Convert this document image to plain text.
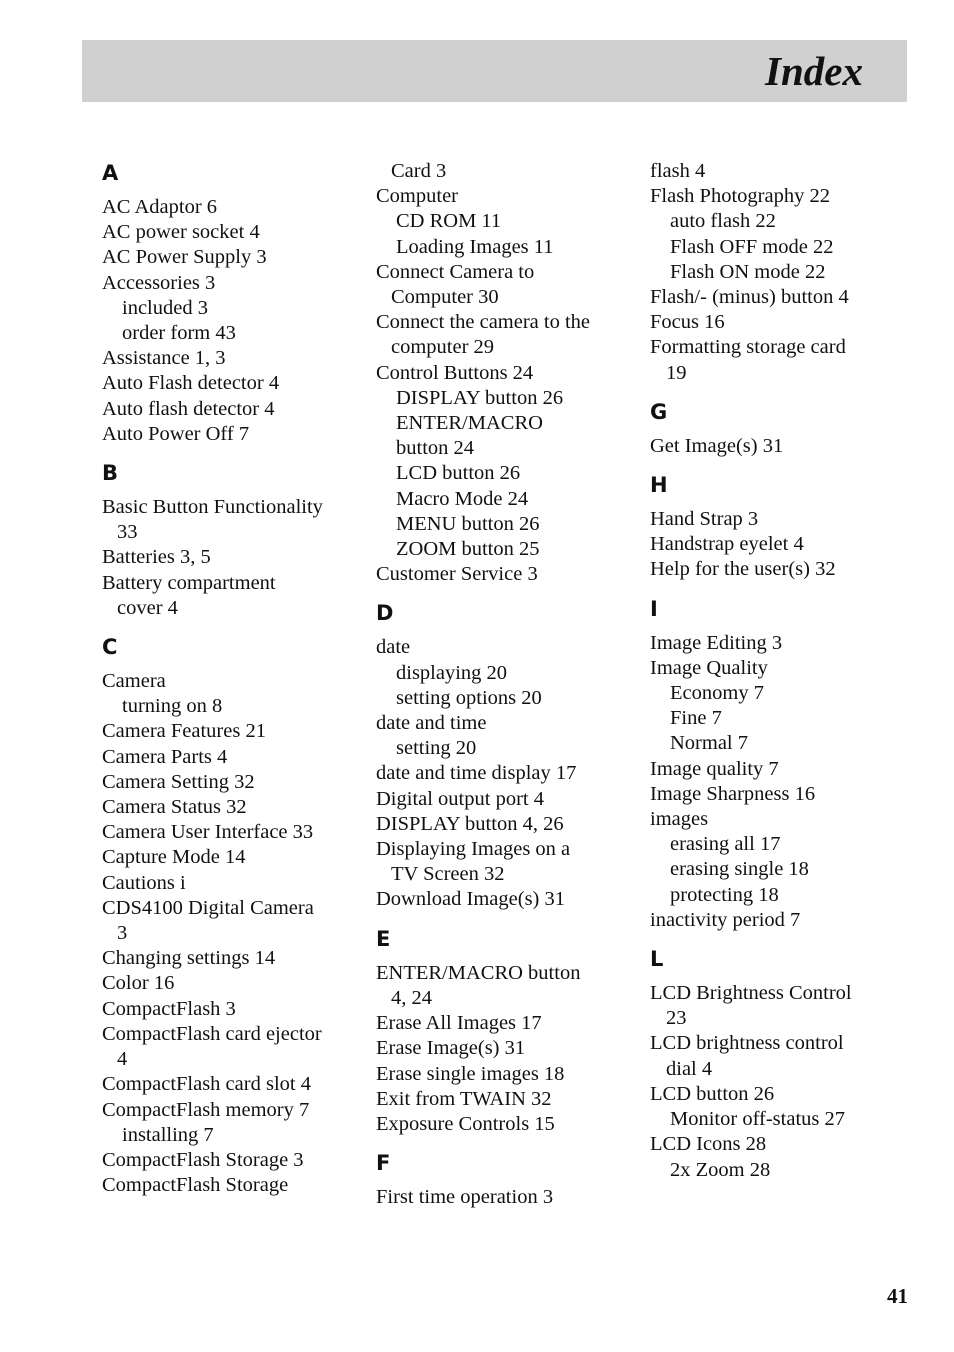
Index
A
AC Adaptor 6
AC power socket 4
AC Power Supply 3
Accessories 3
included 3
order form 43
Assistance 1, 3
Auto Flash detector 4
Auto flash detector 4
Auto Power Off 7
B
Basic Button Functionality
33
Batteries 3, 5
Battery compartment
cover 4
C
Camera
turning on 8
Camera Features 21
Camera Parts 4
Camera Setting 32
Camera Status 32
Camera User Interface 33
Capture Mode 14
Cautions i
CDS4100 Digital Camera
3
Changing settings 14
Color 16
CompactFlash 3
CompactFlash card ejector
4
CompactFlash card slot 4
CompactFlash memory 7
installing 7
CompactFlash Storage 3
CompactFlash Storage
Card 3
Computer
CD ROM 11
Loading Images 11
Connect Camera to
Computer 30
Connect the camera to the
computer 29
Control Buttons 24
DISPLAY button 26
ENTER/MACRO
button 24
LCD button 26
Macro Mode 24
MENU button 26
ZOOM button 25
Customer Service 3
D
date
displaying 20
setting options 20
date and time
setting 20
date and time display 17
Digital output port 4
DISPLAY button 4, 26
Displaying Images on a
TV Screen 32
Download Image(s) 31
E
ENTER/MACRO button
4, 24
Erase All Images 17
Erase Image(s) 31
Erase single images 18
Exit from TWAIN 32
Exposure Controls 15
F
First time operation 3
flash 4
Flash Photography 22
auto flash 22
Flash OFF mode 22
Flash ON mode 22
Flash/- (minus) button 4
Focus 16
Formatting storage card
19
G
Get Image(s) 31
H
Hand Strap 3
Handstrap eyelet 4
Help for the user(s) 32
I
Image Editing 3
Image Quality
Economy 7
Fine 7
Normal 7
Image quality 7
Image Sharpness 16
images
erasing all 17
erasing single 18
protecting 18
inactivity period 7
L
LCD Brightness Control
23
LCD brightness control
dial 4
LCD button 26
Monitor off-status 27
LCD Icons 28
2x Zoom 28
41
